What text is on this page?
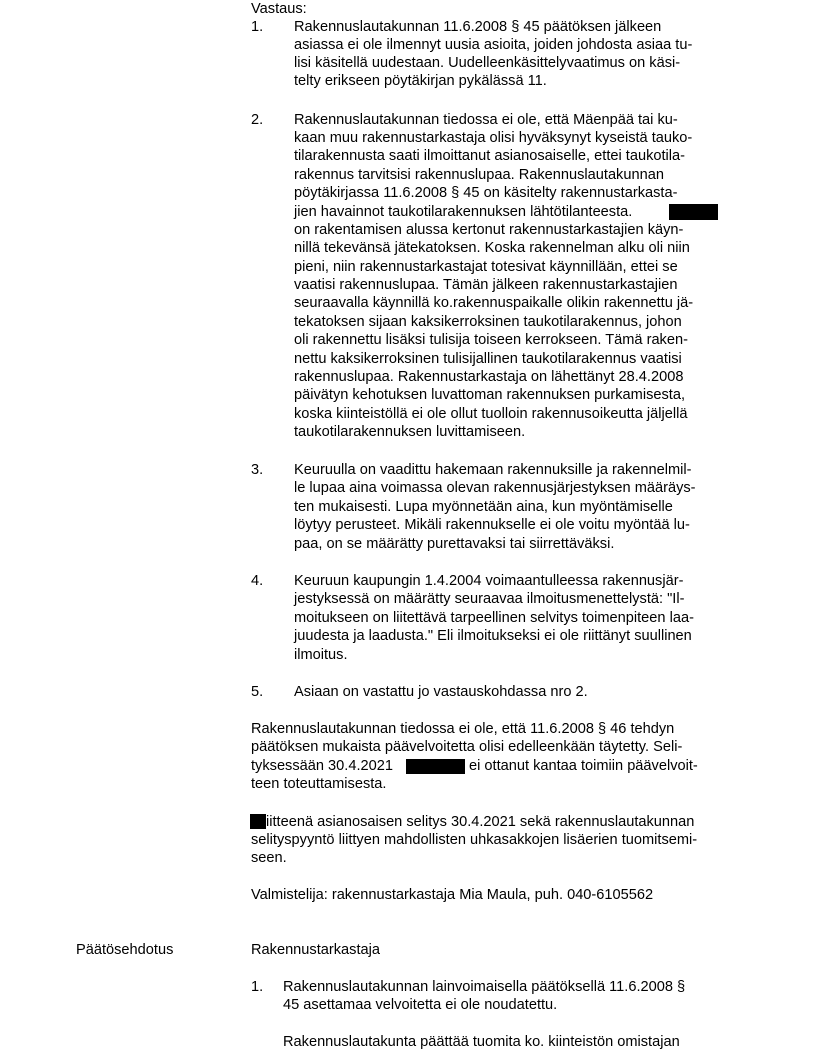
Vastaus:
1. Rakennuslautakunnan 11.6.2008 § 45 päätöksen jälkeen
asiassa ei ole ilmennyt uusia asioita, joiden johdosta asiaa tu-
lisi käsitellä uudestaan. Uudelleenkäsittelyvaatimus on käsi-
telty erikseen pöytäkirjan pykälässä 11.
2. Rakennuslautakunnan tiedossa ei ole, että Mäenpää tai ku-
kaan muu rakennustarkastaja olisi hyväksynyt kyseistä tauko-
tilarakennusta saati ilmoittanut asianosaiselle, ettei taukotila-
rakennus tarvitsisi rakennuslupaa. Rakennuslautakunnan
pöytäkirjassa 11.6.2008 § 45 on käsitelty rakennustarkasta-
jien havainnot taukotilarakennuksen lähtötilanteesta.
on rakentamisen alussa kertonut rakennustarkastajien käyn-
nillä tekevänsä jätekatoksen. Koska rakennelman alku oli niin
pieni, niin rakennustarkastajat totesivat käynnillään, ettei se
vaatisi rakennuslupaa. Tämän jälkeen rakennustarkastajien
seuraavalla käynnillä ko.rakennuspaikalle olikin rakennettu jä-
tekatoksen sijaan kaksikerroksinen taukotilarakennus, johon
oli rakennettu lisäksi tulisija toiseen kerrokseen. Tämä raken-
nettu kaksikerroksinen tulisijallinen taukotilarakennus vaatisi
rakennuslupaa. Rakennustarkastaja on lähettänyt 28.4.2008
päivätyn kehotuksen luvattoman rakennuksen purkamisesta,
koska kiinteistöllä ei ole ollut tuolloin rakennusoikeutta jäljellä
taukotilarakennuksen luvittamiseen.
3. Keuruulla on vaadittu hakemaan rakennuksille ja rakennelmil-
le lupaa aina voimassa olevan rakennusjärjestyksen määräys-
ten mukaisesti. Lupa myönnetään aina, kun myöntämiselle
löytyy perusteet. Mikäli rakennukselle ei ole voitu myöntää lu-
paa, on se määrätty purettavaksi tai siirrettäväksi.
4. Keuruun kaupungin 1.4.2004 voimaantulleessa rakennusjär-
jestyksessä on määrätty seuraavaa ilmoitusmenettelystä: "Il-
moitukseen on liitettävä tarpeellinen selvitys toimenpiteen laa-
juudesta ja laadusta." Eli ilmoitukseksi ei ole riittänyt suullinen
ilmoitus.
5. Asiaan on vastattu jo vastauskohdassa nro 2.
Rakennuslautakunnan tiedossa ei ole, että 11.6.2008 § 46 tehdyn
päätöksen mukaista päävelvoitetta olisi edelleenkään täytetty. Seli-
tyksessään 30.4.2021	ei ottanut kantaa toimiin päävelvoit-
teen toteuttamisesta.
iitteenä asianosaisen selitys 30.4.2021 sekä rakennuslautakunnan
selityspyyntö liittyen mahdollisten uhkasakkojen lisäerien tuomitsemi-
seen.
Valmistelija: rakennustarkastaja Mia Maula, puh. 040-6105562
Päätösehdotus	Rakennustarkastaja
1. Rakennuslautakunnan lainvoimaisella päätöksellä 11.6.2008 §
45 asettamaa velvoitetta ei ole noudatettu.
Rakennuslautakunta päättää tuomita ko. kiinteistön omistajan
